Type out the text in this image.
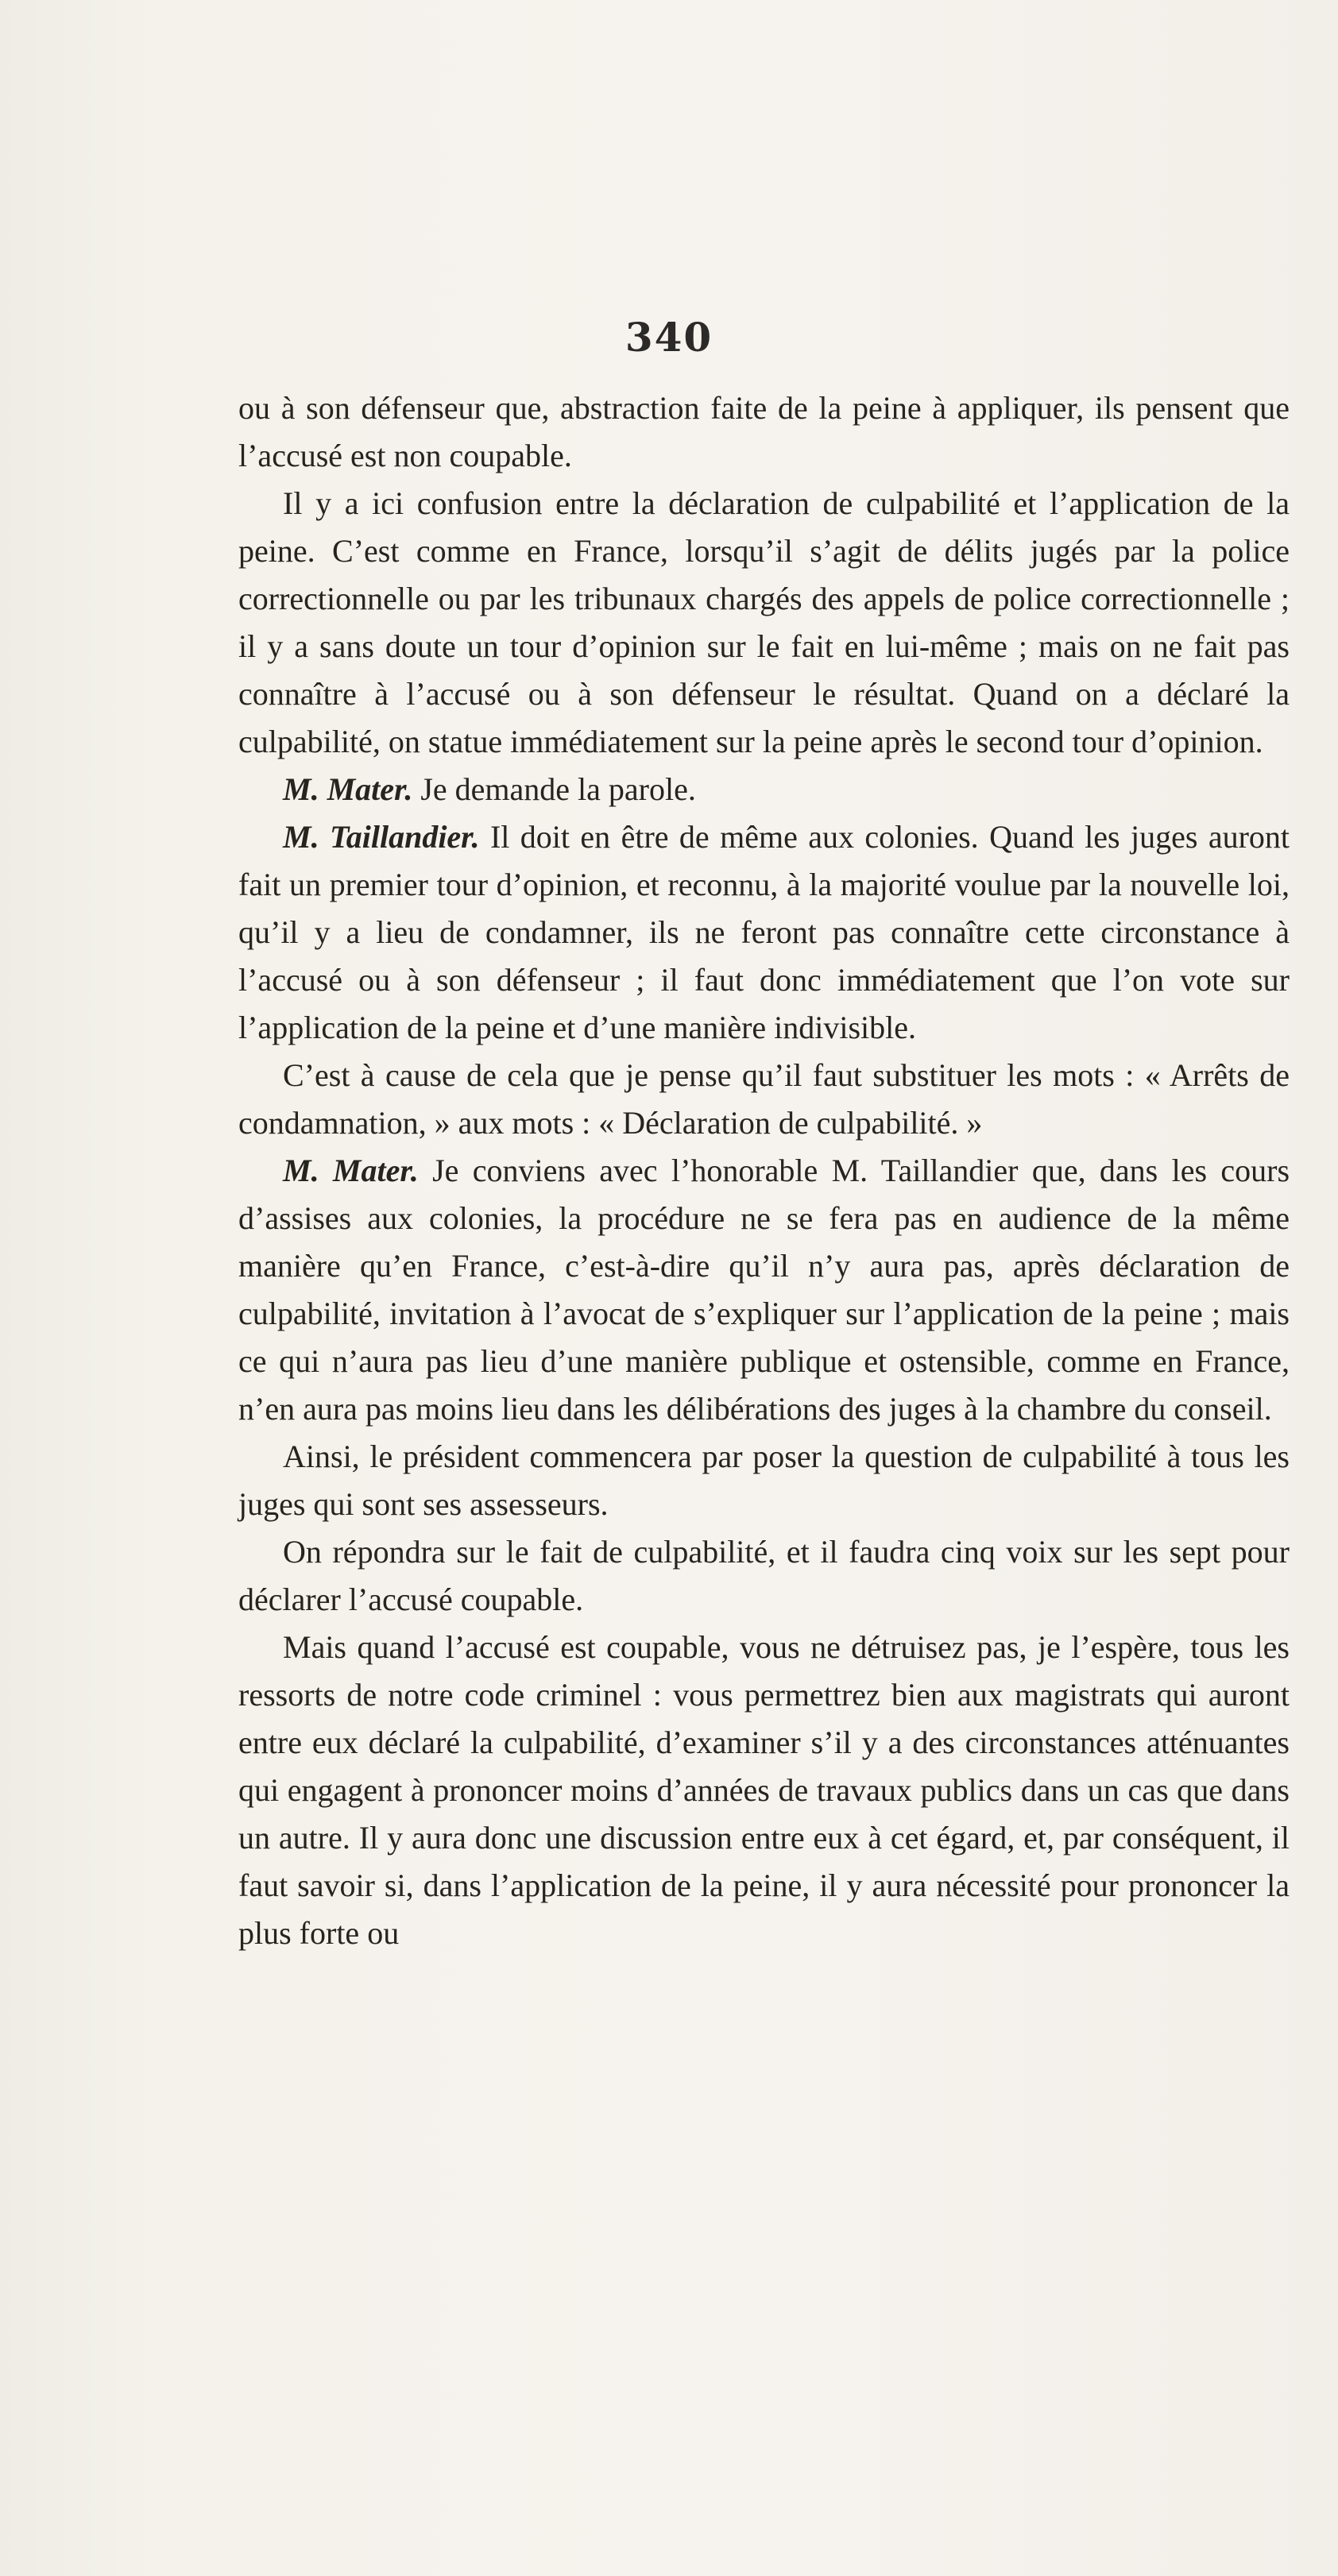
340

ou à son défenseur que, abstraction faite de la peine à appliquer, ils pensent que l’accusé est non coupable.

Il y a ici confusion entre la déclaration de culpabilité et l’application de la peine. C’est comme en France, lorsqu’il s’agit de délits jugés par la police correctionnelle ou par les tribunaux chargés des appels de police correctionnelle ; il y a sans doute un tour d’opinion sur le fait en lui-même ; mais on ne fait pas connaître à l’accusé ou à son défenseur le résultat. Quand on a déclaré la culpabilité, on statue immédiatement sur la peine après le second tour d’opinion.

M. Mater. Je demande la parole.

M. Taillandier. Il doit en être de même aux colonies. Quand les juges auront fait un premier tour d’opinion, et reconnu, à la majorité voulue par la nouvelle loi, qu’il y a lieu de condamner, ils ne feront pas connaître cette circonstance à l’accusé ou à son défenseur ; il faut donc immédiatement que l’on vote sur l’application de la peine et d’une manière indivisible.

C’est à cause de cela que je pense qu’il faut substituer les mots : « Arrêts de condamnation, » aux mots : « Déclaration de culpabilité. »

M. Mater. Je conviens avec l’honorable M. Taillandier que, dans les cours d’assises aux colonies, la procédure ne se fera pas en audience de la même manière qu’en France, c’est-à-dire qu’il n’y aura pas, après déclaration de culpabilité, invitation à l’avocat de s’expliquer sur l’application de la peine ; mais ce qui n’aura pas lieu d’une manière publique et ostensible, comme en France, n’en aura pas moins lieu dans les délibérations des juges à la chambre du conseil.

Ainsi, le président commencera par poser la question de culpabilité à tous les juges qui sont ses assesseurs.

On répondra sur le fait de culpabilité, et il faudra cinq voix sur les sept pour déclarer l’accusé coupable.

Mais quand l’accusé est coupable, vous ne détruisez pas, je l’espère, tous les ressorts de notre code criminel : vous permettrez bien aux magistrats qui auront entre eux déclaré la culpabilité, d’examiner s’il y a des circonstances atténuantes qui engagent à prononcer moins d’années de travaux publics dans un cas que dans un autre. Il y aura donc une discussion entre eux à cet égard, et, par conséquent, il faut savoir si, dans l’application de la peine, il y aura nécessité pour prononcer la plus forte ou
